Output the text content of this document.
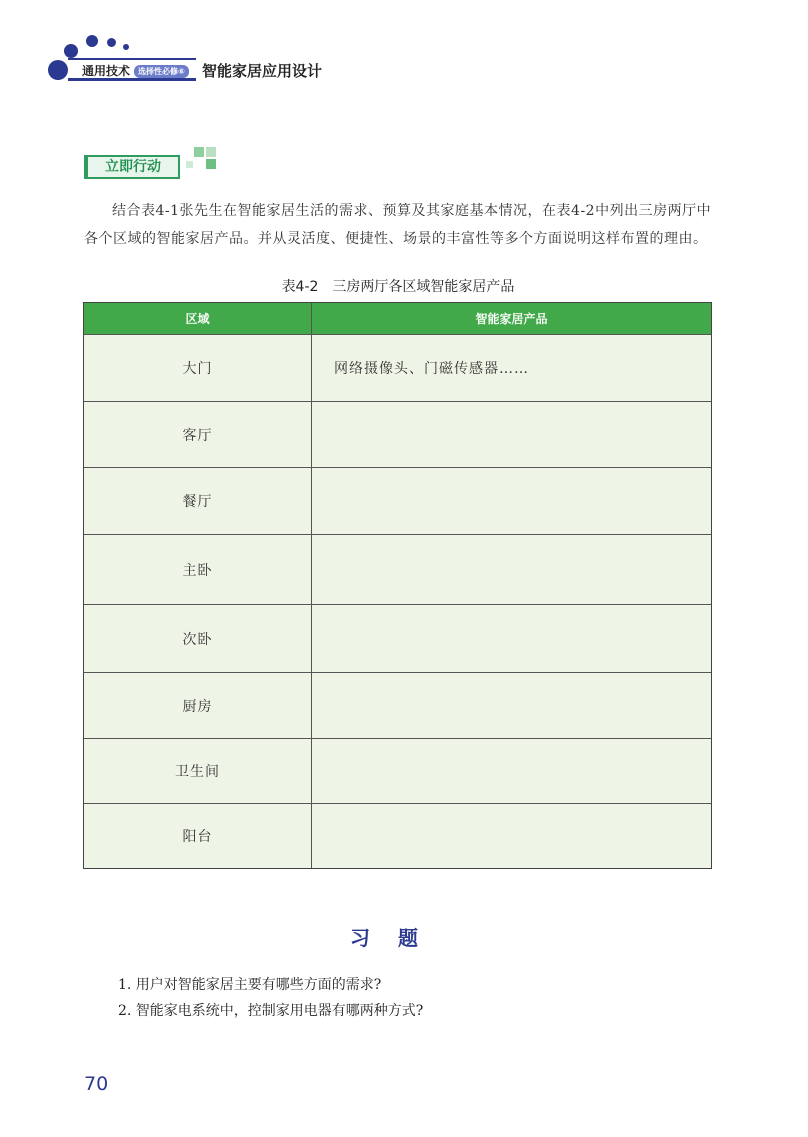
通用技术 选择性必修⑥ 智能家居应用设计
立即行动
结合表4-1张先生在智能家居生活的需求、预算及其家庭基本情况，在表4-2中列出三房两厅中各个区域的智能家居产品。并从灵活度、便捷性、场景的丰富性等多个方面说明这样布置的理由。
表4-2　三房两厅各区域智能家居产品
区域	智能家居产品
大门	网络摄像头、门磁传感器……
客厅
餐厅
主卧
次卧
厨房
卫生间
阳台
习题
1. 用户对智能家居主要有哪些方面的需求?
2. 智能家电系统中，控制家用电器有哪两种方式?
70
